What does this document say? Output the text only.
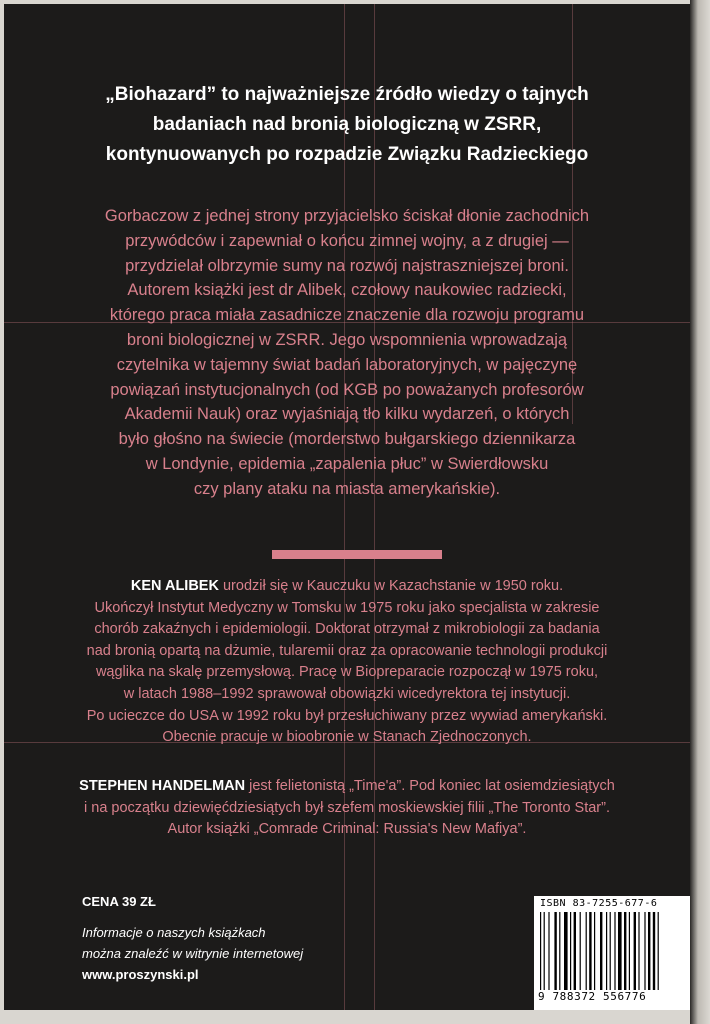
„Biohazard” to najważniejsze źródło wiedzy o tajnych
badaniach nad bronią biologiczną w ZSRR,
kontynuowanych po rozpadzie Związku Radzieckiego
Gorbaczow z jednej strony przyjacielsko ściskał dłonie zachodnich
przywódców i zapewniał o końcu zimnej wojny, a z drugiej —
przydzielał olbrzymie sumy na rozwój najstraszniejszej broni.
Autorem książki jest dr Alibek, czołowy naukowiec radziecki,
którego praca miała zasadnicze znaczenie dla rozwoju programu
broni biologicznej w ZSRR. Jego wspomnienia wprowadzają
czytelnika w tajemny świat badań laboratoryjnych, w pajęczynę
powiązań instytucjonalnych (od KGB po poważanych profesorów
Akademii Nauk) oraz wyjaśniają tło kilku wydarzeń, o których
było głośno na świecie (morderstwo bułgarskiego dziennikarza
w Londynie, epidemia „zapalenia płuc” w Swierdłowsku
czy plany ataku na miasta amerykańskie).
KEN ALIBEK urodził się w Kauczuku w Kazachstanie w 1950 roku.
Ukończył Instytut Medyczny w Tomsku w 1975 roku jako specjalista w zakresie
chorób zakaźnych i epidemiologii. Doktorat otrzymał z mikrobiologii za badania
nad bronią opartą na dżumie, tularemii oraz za opracowanie technologii produkcji
wąglika na skalę przemysłową. Pracę w Biopreparacie rozpoczął w 1975 roku,
w latach 1988–1992 sprawował obowiązki wicedyrektora tej instytucji.
Po ucieczce do USA w 1992 roku był przesłuchiwany przez wywiad amerykański.
Obecnie pracuje w bioobronie w Stanach Zjednoczonych.
STEPHEN HANDELMAN jest felietonistą „Time'a”. Pod koniec lat osiemdziesiątych
i na początku dziewięćdziesiątych był szefem moskiewskiej filii „The Toronto Star”.
Autor książki „Comrade Criminal: Russia's New Mafiya”.
CENA 39 ZŁ
Informacje o naszych książkach
można znaleźć w witrynie internetowej
www.proszynski.pl
ISBN 83-7255-677-6
9 788372 556776
